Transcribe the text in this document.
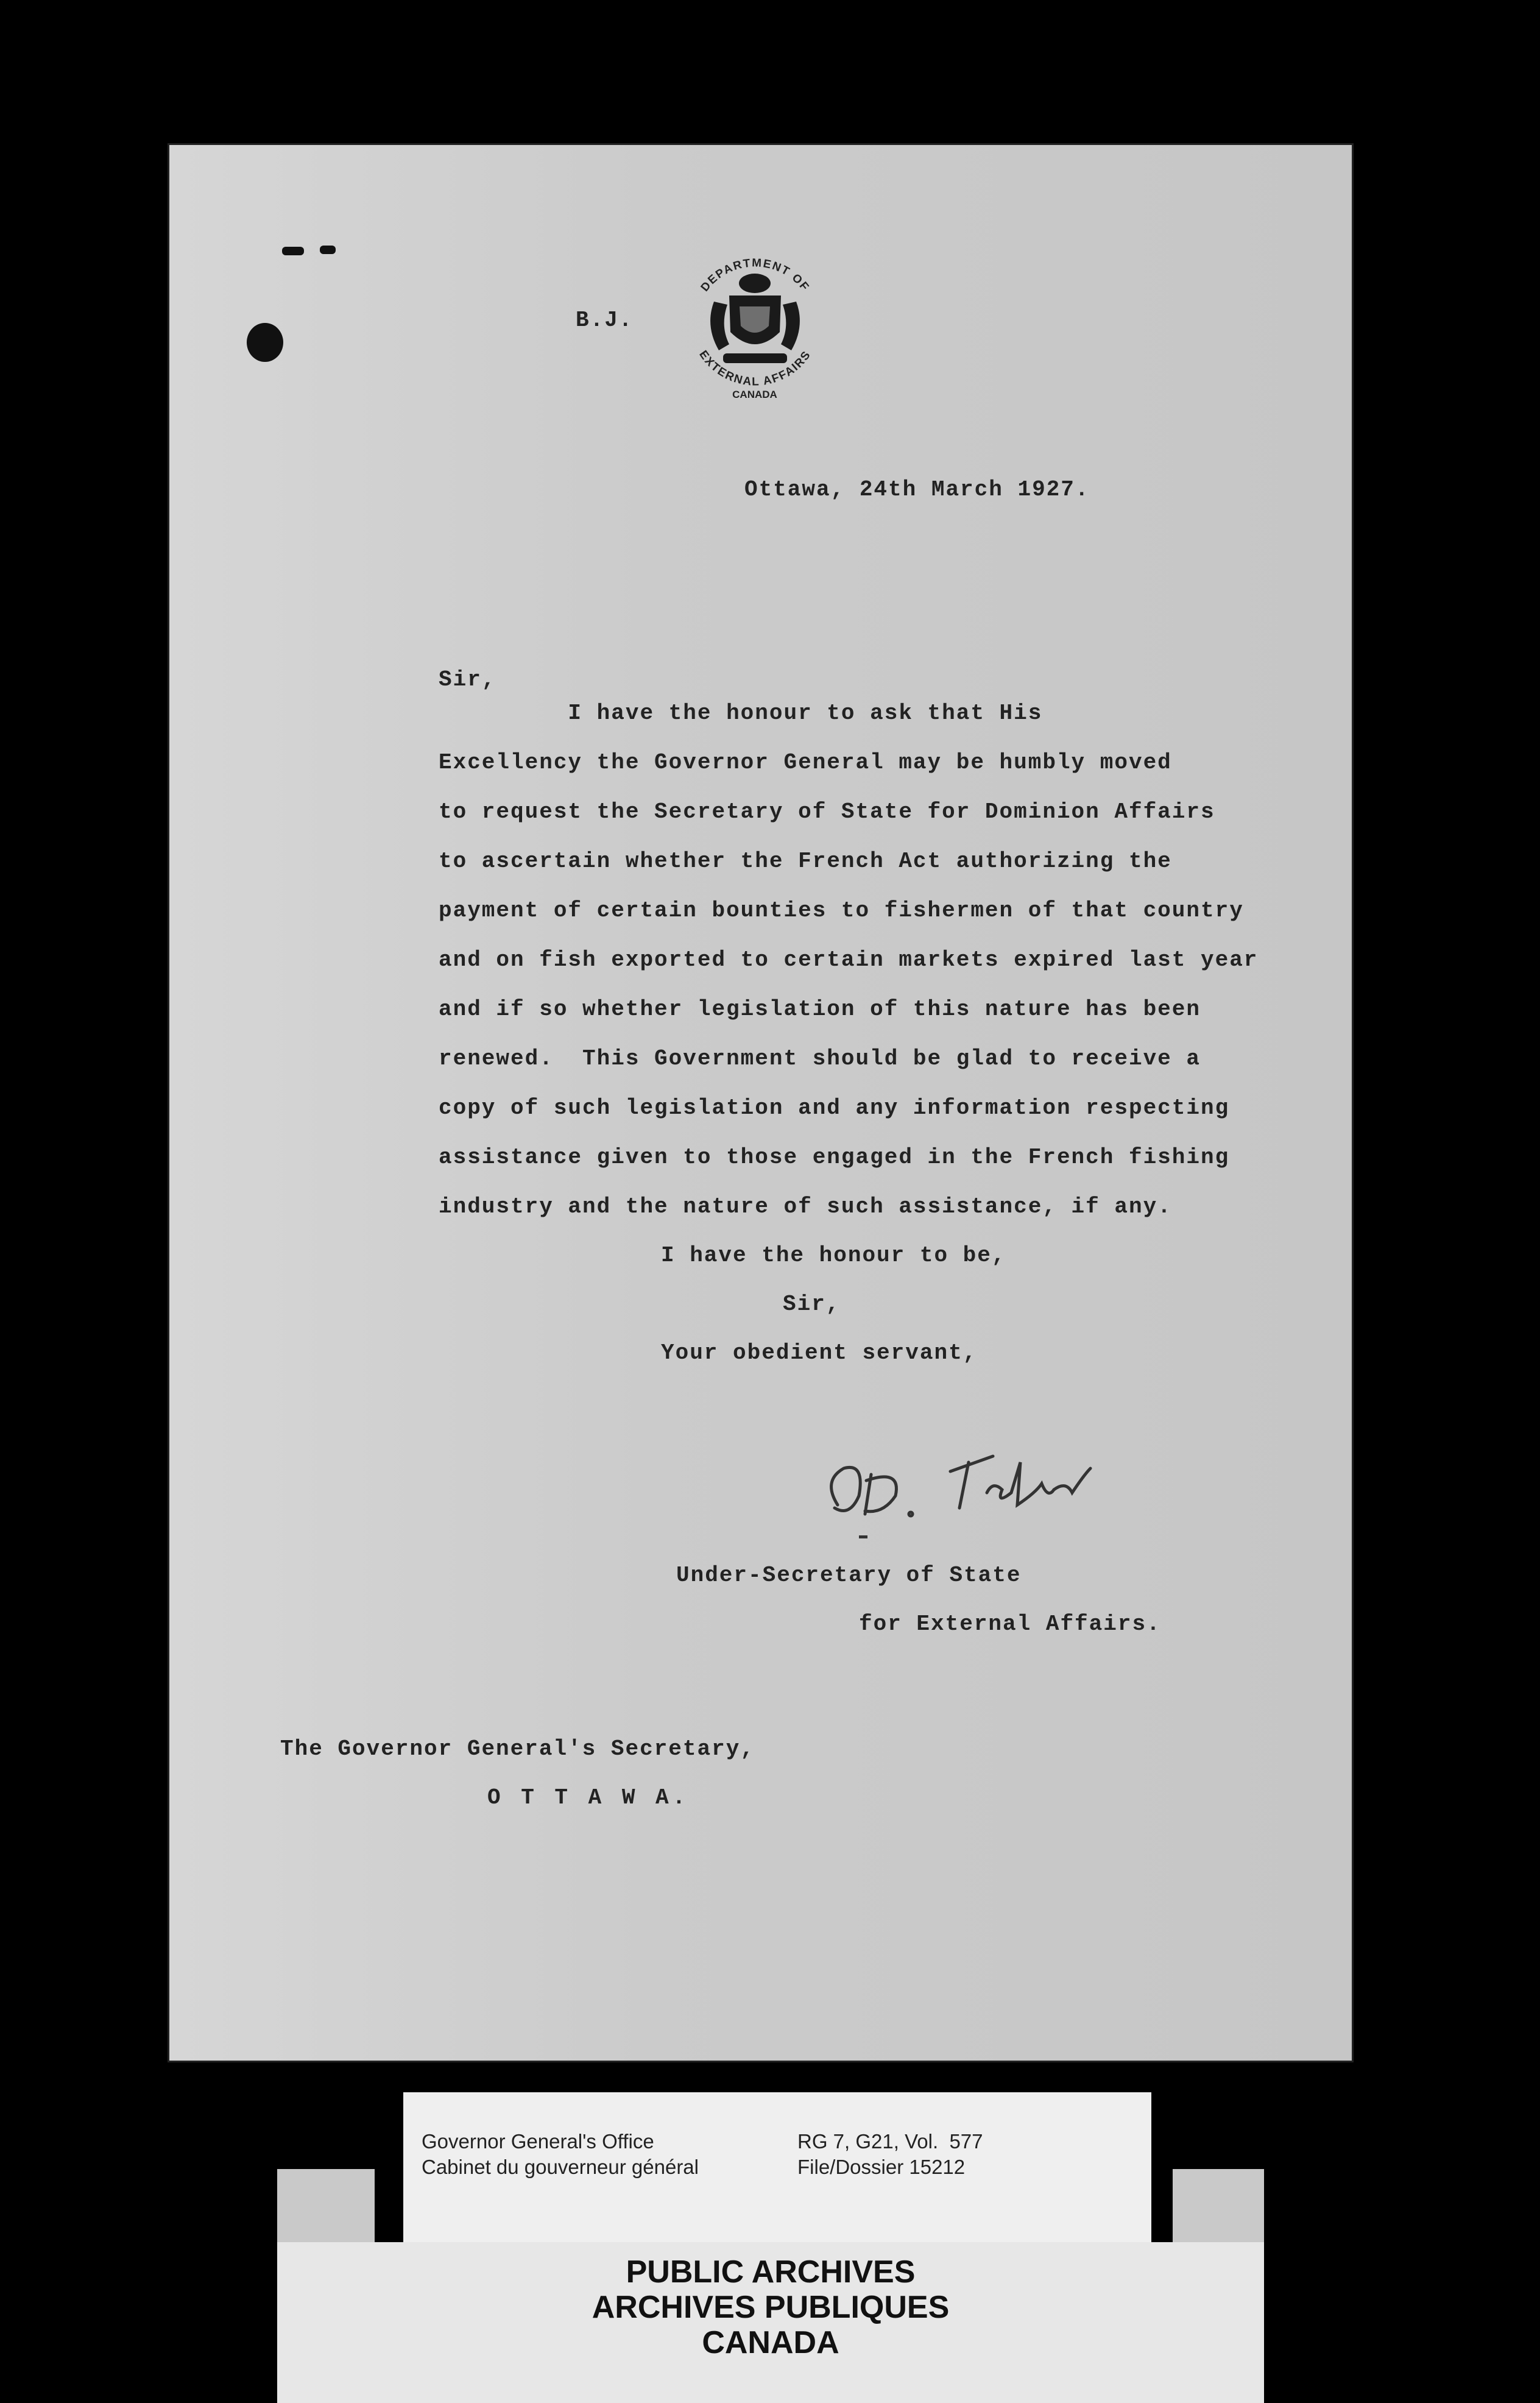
B.J.
DEPARTMENT OF
EXTERNAL AFFAIRS
CANADA
Ottawa, 24th March 1927.
Sir,
I have the honour to ask that His
Excellency the Governor General may be humbly moved
to request the Secretary of State for Dominion Affairs
to ascertain whether the French Act authorizing the
payment of certain bounties to fishermen of that country
and on fish exported to certain markets expired last year
and if so whether legislation of this nature has been
renewed.  This Government should be glad to receive a
copy of such legislation and any information respecting
assistance given to those engaged in the French fishing
industry and the nature of such assistance, if any.
I have the honour to be,
Sir,
Your obedient servant,
Under-Secretary of State
for External Affairs.
The Governor General's Secretary,
O T T A W A.
Governor General's Office
Cabinet du gouverneur général
RG 7, G21, Vol.  577
File/Dossier 15212
PUBLIC ARCHIVES
ARCHIVES PUBLIQUES
CANADA
